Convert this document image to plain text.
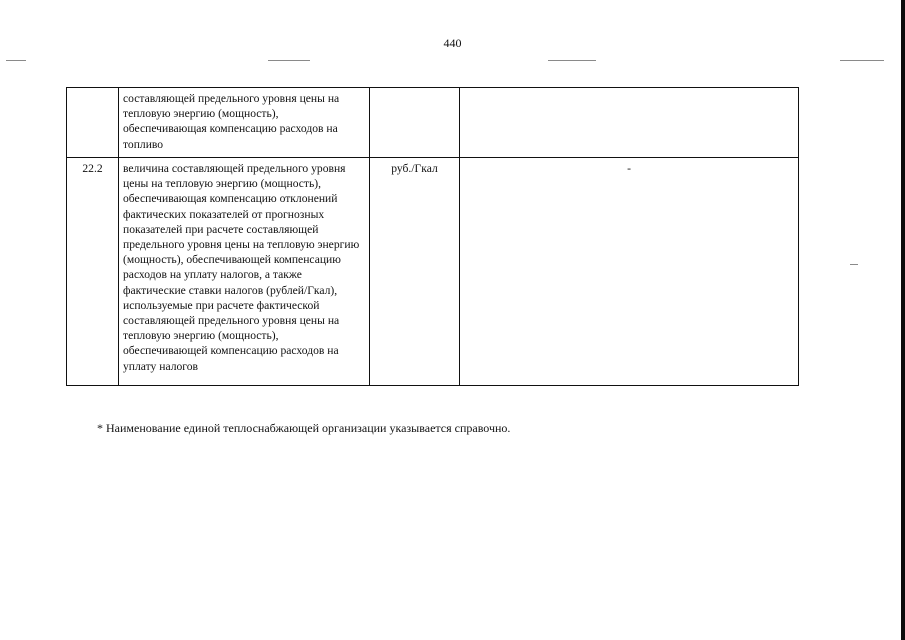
440
	составляющей предельного уровня цены на тепловую энергию (мощность), обеспечивающая компенсацию расходов на топливо		
22.2	величина составляющей предельного уровня цены на тепловую энергию (мощность), обеспечивающая компенсацию отклонений фактических показателей от прогнозных показателей при расчете составляющей предельного уровня цены на тепловую энергию (мощность), обеспечивающей компенсацию расходов на уплату налогов, а также фактические ставки налогов (рублей/Гкал), используемые при расчете фактической составляющей предельного уровня цены на тепловую энергию (мощность), обеспечивающей компенсацию расходов на уплату налогов	руб./Гкал	-
* Наименование единой теплоснабжающей организации указывается справочно.
